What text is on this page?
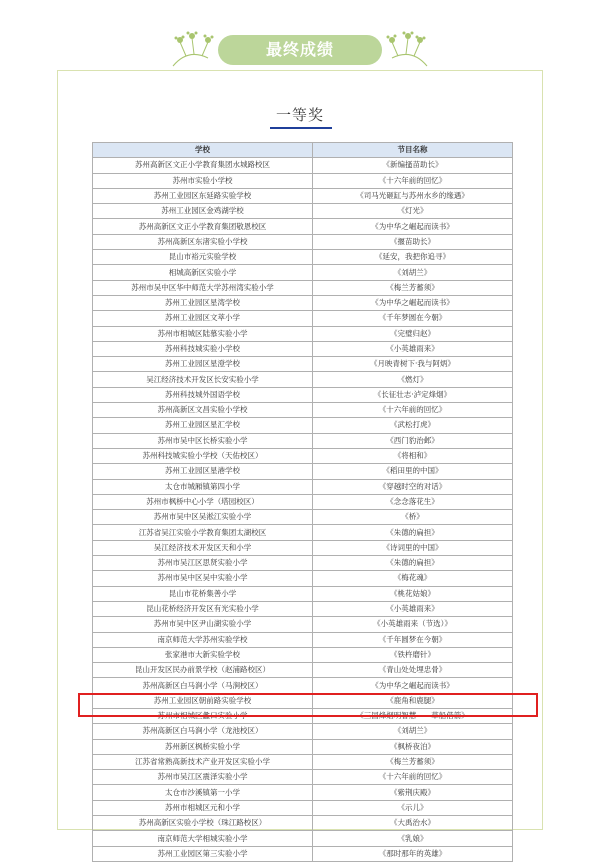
最终成绩
一等奖
学校	节目名称
苏州高新区文正小学教育集团水城路校区	《新编搔苗助长》
苏州市实验小学校	《十六年前的回忆》
苏州工业园区东延路实验学校	《司马光砸缸与苏州水乡的缘遇》
苏州工业园区金鸡湖学校	《灯光》
苏州高新区文正小学教育集团敬恩校区	《为中华之崛起而读书》
苏州高新区东渚实验小学校	《揠苗助长》
昆山市裕元实验学校	《延安，我把你追寻》
相城高新区实验小学	《刘胡兰》
苏州市吴中区华中师范大学苏州湾实验小学	《梅兰芳蓄须》
苏州工业园区星湾学校	《为中华之崛起而读书》
苏州工业园区文萃小学	《千年梦圆在今朝》
苏州市相城区陆慕实验小学	《完璧归赵》
苏州科技城实验小学校	《小英雄雨来》
苏州工业园区星澄学校	《月映青树下·我与阿炳》
吴江经济技术开发区长安实验小学	《燃灯》
苏州科技城外国语学校	《长征壮志·泸定烽烟》
苏州高新区文昌实验小学校	《十六年前的回忆》
苏州工业园区星汇学校	《武松打虎》
苏州市吴中区长桥实验小学	《西门豹治邺》
苏州科技城实验小学校（天佑校区）	《将相和》
苏州工业园区星港学校	《稻田里的中国》
太仓市城厢镇第四小学	《穿越时空的对话》
苏州市枫桥中心小学（塔园校区）	《念念落花生》
苏州市吴中区吴淞江实验小学	《桥》
江苏省吴江实验小学教育集团太湖校区	《朱德的扁担》
吴江经济技术开发区天和小学	《诗词里的中国》
苏州市吴江区思贤实验小学	《朱德的扁担》
苏州市吴中区吴中实验小学	《梅花魂》
昆山市花桥集善小学	《桃花姑娘》
昆山花桥经济开发区有光实验小学	《小英雄雨来》
苏州市吴中区尹山湖实验小学	《小英雄雨来（节选）》
南京师范大学苏州实验学校	《千年圆梦在今朝》
张家港市大新实验学校	《铁杵磨针》
昆山开发区民办前景学校（赵浦路校区）	《青山处处埋忠骨》
苏州高新区白马涧小学（马涧校区）	《为中华之崛起而读书》
苏州工业园区朝前路实验学校	《鹿角和鹿腿》
苏州市相城区蠡口实验小学	《三国烽烟明智慧——草船借箭》
苏州高新区白马涧小学（龙池校区）	《刘胡兰》
苏州新区枫桥实验小学	《枫桥夜泊》
江苏省常熟高新技术产业开发区实验小学	《梅兰芳蓄须》
苏州市吴江区震泽实验小学	《十六年前的回忆》
太仓市沙溪镇第一小学	《紫荆庆殿》
苏州市相城区元和小学	《示儿》
苏州高新区实验小学校（珠江路校区）	《大禹治水》
南京师范大学相城实验小学	《乳娘》
苏州工业园区第三实验小学	《那时那年的英雄》
